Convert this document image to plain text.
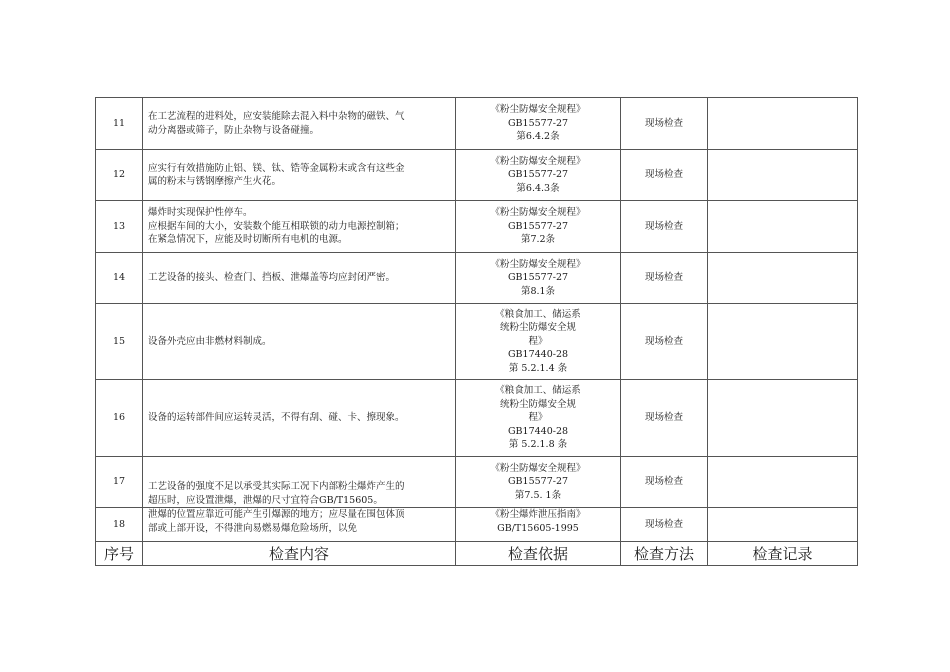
11	在工艺流程的进料处，应安装能除去混入料中杂物的磁铁、气
动分离器或筛子，防止杂物与设备碰撞。	《粉尘防爆安全规程》
GB15577-27
第6.4.2条	现场检查	
12	应实行有效措施防止铝、镁、钛、锆等金属粉末或含有这些金
属的粉末与锈钢摩擦产生火花。	《粉尘防爆安全规程》
GB15577-27
第6.4.3条	现场检查	
13	爆炸时实现保护性停车。
应根据车间的大小，安装数个能互相联锁的动力电源控制箱；
在紧急情况下，应能及时切断所有电机的电源。	《粉尘防爆安全规程》
GB15577-27
第7.2条	现场检查	
14	工艺设备的接头、检查门、挡板、泄爆盖等均应封闭严密。	《粉尘防爆安全规程》
GB15577-27
第8.1条	现场检查	
15	设备外壳应由非燃材料制成。	《粮食加工、储运系
统粉尘防爆安全规
程》
GB17440-28
第 5.2.1.4 条	现场检查	
16	设备的运转部件间应运转灵活，不得有刮、碰、卡、擦现象。	《粮食加工、储运系
统粉尘防爆安全规
程》
GB17440-28
第 5.2.1.8 条	现场检查	
17	工艺设备的强度不足以承受其实际工况下内部粉尘爆炸产生的
超压时，应设置泄爆，泄爆的尺寸宜符合GB/T15605。	《粉尘防爆安全规程》
GB15577-27
第7.5. 1条	现场检查	
18	泄爆的位置应靠近可能产生引爆源的地方；应尽量在围包体顶
部或上部开设，不得泄向易燃易爆危险场所，以免	《粉尘爆炸泄压指南》
GB/T15605-1995	现场检查	
序号	检查内容	检查依据	检查方法	检查记录
